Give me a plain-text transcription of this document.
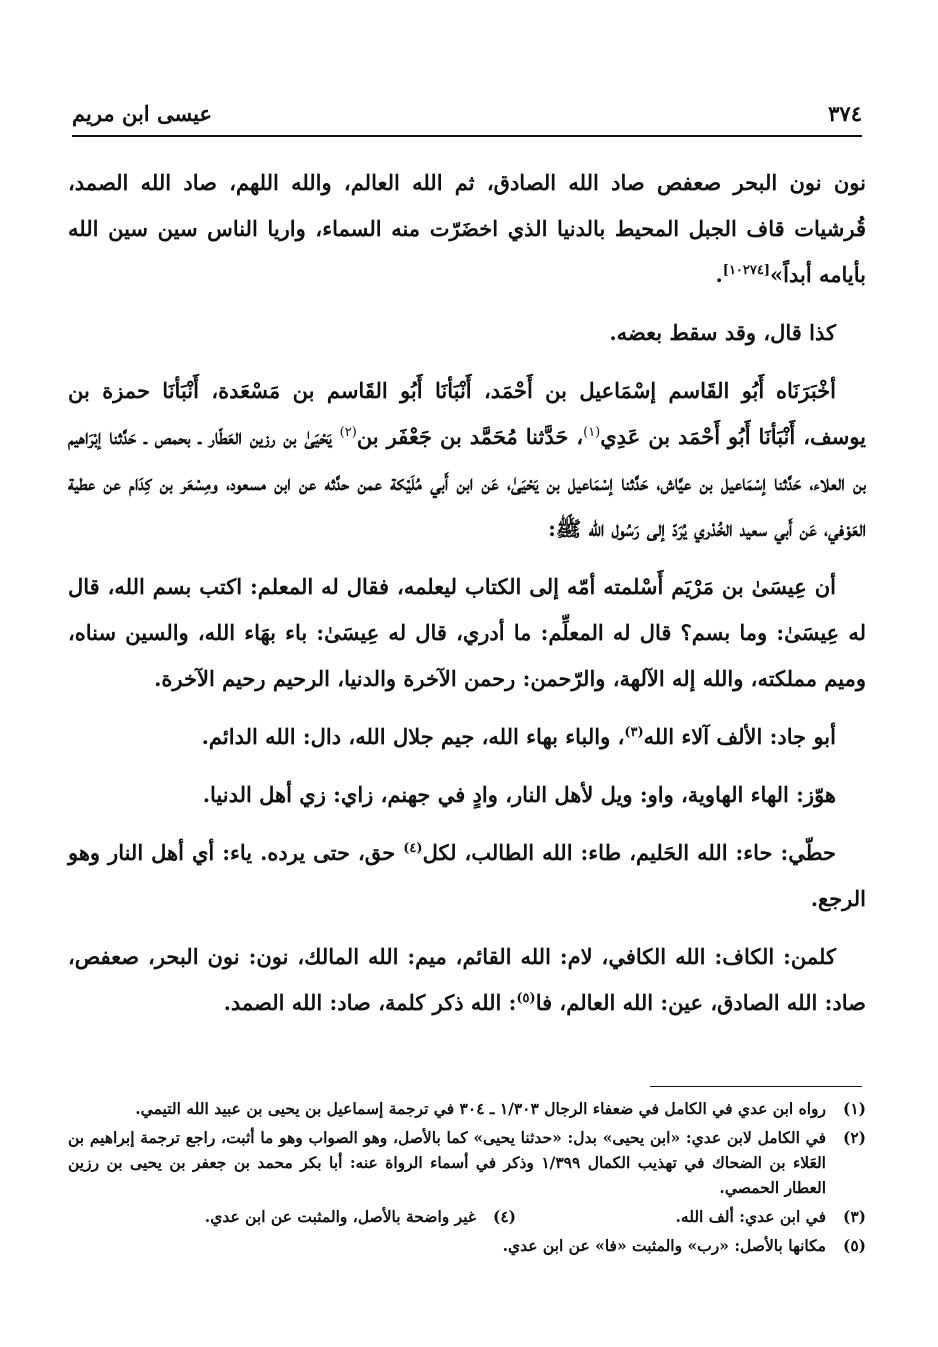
٣٧٤
عيسى ابن مريم

نون نون البحر صعفص صاد الله الصادق، ثم الله العالم، والله اللهم، صاد الله الصمد، قُرشيات قاف الجبل المحيط بالدنيا الذي اخضَرّت منه السماء، واريا الناس سين سين الله بأيامه أبداً»[١٠٢٧٤].

كذا قال، وقد سقط بعضه.

أخْبَرَنَاه أَبُو القَاسم إسْمَاعيل بن أَحْمَد، أَنْبَأنَا أَبُو القَاسم بن مَسْعَدة، أَنْبَأنَا حمزة بن يوسف، أَنْبَأنَا أَبُو أَحْمَد بن عَدِي$^{(١)}$، حَدَّثنا مُحَمَّد بن جَعْفَر بن$^{(٢)}$ يَحْيَىٰ بن رزين العَطّار ـ بحمص ـ حَدَّثنا إبْرَاهيم بن العلاء، حَدَّثنا إسْمَاعيل بن عيَّاش، حَدَّثنا إسْمَاعيل بن يَحْيَىٰ، عَن ابن أَبي مُلَيْكة عمن حدَّثه عن ابن مسعود، ومِسْعَر بن كِدَام عن عطية العَوْفي، عَن أَبي سعيد الخُدْري يُرَدّ إلى رَسُول الله ﷺ:

أن عِيسَىٰ بن مَرْيَم أَسْلمته أمّه إلى الكتاب ليعلمه، فقال له المعلم: اكتب بسم الله، قال له عِيسَىٰ: وما بسم؟ قال له المعلِّم: ما أدري، قال له عِيسَىٰ: باء بهَاء الله، والسين سناه، وميم مملكته، والله إله الآلهة، والرّحمن: رحمن الآخرة والدنيا، الرحيم رحيم الآخرة.

أبو جاد: الألف آلاء الله$^{(٣)}$، والباء بهاء الله، جيم جلال الله، دال: الله الدائم.

هوّز: الهاء الهاوية، واو: ويل لأهل النار، وادٍ في جهنم، زاي: زي أهل الدنيا.

حطّي: حاء: الله الحَليم، طاء: الله الطالب، لكل$^{(٤)}$ حق، حتى يرده. ياء: أي أهل النار وهو الرجع.

كلمن: الكاف: الله الكافي، لام: الله القائم، ميم: الله المالك، نون: نون البحر، صعفص، صاد: الله الصادق، عين: الله العالم، فا$^{(٥)}$: الله ذكر كلمة، صاد: الله الصمد.

(١)
رواه ابن عدي في الكامل في ضعفاء الرجال ١/٣٠٣ ـ ٣٠٤ في ترجمة إسماعيل بن يحيى بن عبيد الله التيمي.
(٢)
في الكامل لابن عدي: «ابن يحيى» بدل: «حدثنا يحيى» كما بالأصل، وهو الصواب وهو ما أثبت، راجع ترجمة إبراهيم بن العَلاء بن الضحاك في تهذيب الكمال ١/٣٩٩ وذكر في أسماء الرواة عنه: أبا بكر محمد بن جعفر بن يحيى بن رزين العطار الحمصي.
(٣)
في ابن عدي: ألف الله.
(٤)
غير واضحة بالأصل، والمثبت عن ابن عدي.
(٥)
مكانها بالأصل: «رب» والمثبت «فا» عن ابن عدي.
